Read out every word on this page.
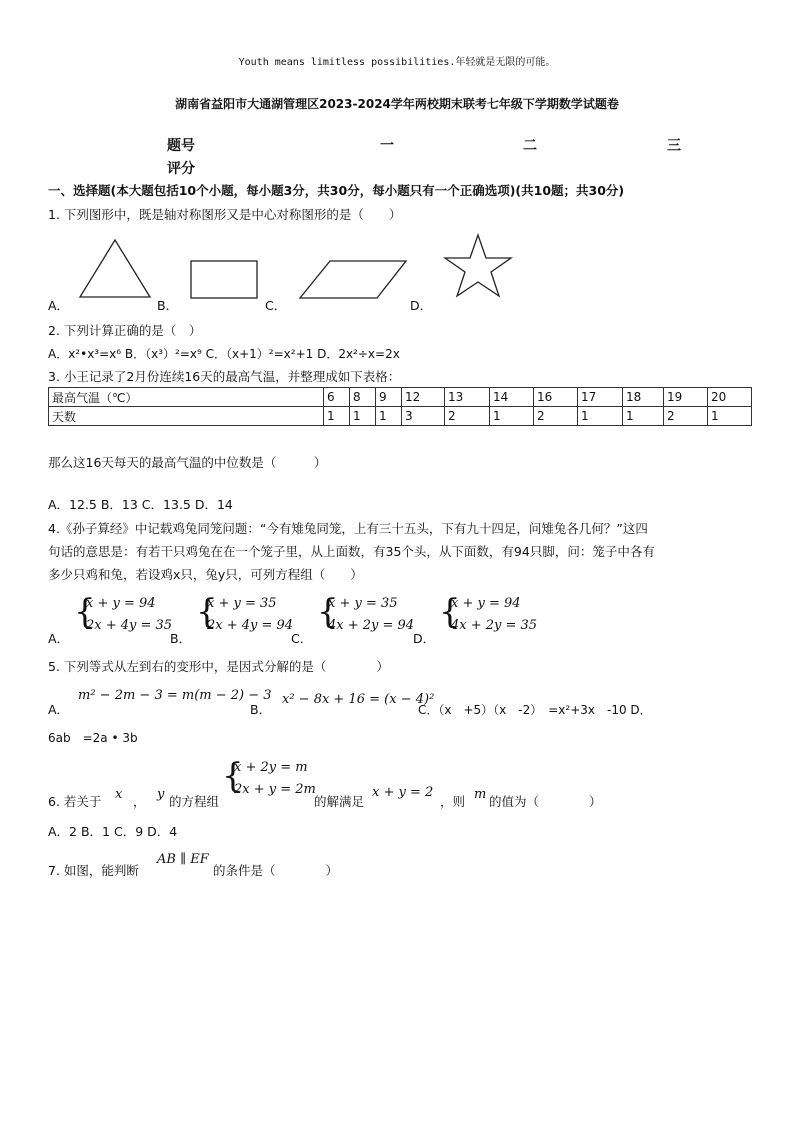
Youth means limitless possibilities.年轻就是无限的可能。
湖南省益阳市大通湖管理区2023-2024学年两校期末联考七年级下学期数学试题卷
题号	一	二	三
评分
一、选择题(本大题包括10个小题，每小题3分，共30分，每小题只有一个正确选项)(共10题；共30分)
1. 下列图形中，既是轴对称图形又是中心对称图形的是（　　）
A．	B．	C．	D．
2. 下列计算正确的是（　）
A．x²•x³=x⁶ B．（x³）²=x⁹ C．（x+1）²=x²+1 D．2x²÷x=2x
3. 小王记录了2月份连续16天的最高气温，并整理成如下表格：
最高气温（℃）	6	8	9	12	13	14	16	17	18	19	20
天数	1	1	1	3	2	1	2	1	1	2	1
那么这16天每天的最高气温的中位数是（　　　）
A．12.5 B．13 C．13.5 D．14
4.《孙子算经》中记载鸡兔同笼问题：“今有雉兔同笼，上有三十五头，下有九十四足，问雉兔各几何？”这四
句话的意思是：有若干只鸡兔在在一个笼子里，从上面数，有35个头，从下面数，有94只脚，问：笼子中各有
多少只鸡和兔，若设鸡x只，兔y只，可列方程组（　　）
A．
{
x + y = 94
2x + 4y = 35
B．
{
x + y = 35
2x + 4y = 94
C．
{
x + y = 35
4x + 2y = 94
D．
{
x + y = 94
4x + 2y = 35
5. 下列等式从左到右的变形中，是因式分解的是（　　　　）
A．
m² − 2m − 3 = m(m − 2) − 3
B．
x² − 8x + 16 = (x − 4)²
C．（x　+5）（x　-2）　=x²+3x　-10 D．
6ab　=2a • 3b
6. 若关于 x ， y 的方程组
{
x + 2y = m
2x + y = 2m
的解满足
x + y = 2
，则 m 的值为（　　　　）
A．2 B．1 C．9 D．4
7. 如图，能判断
AB ∥ EF
的条件是（　　　　）
